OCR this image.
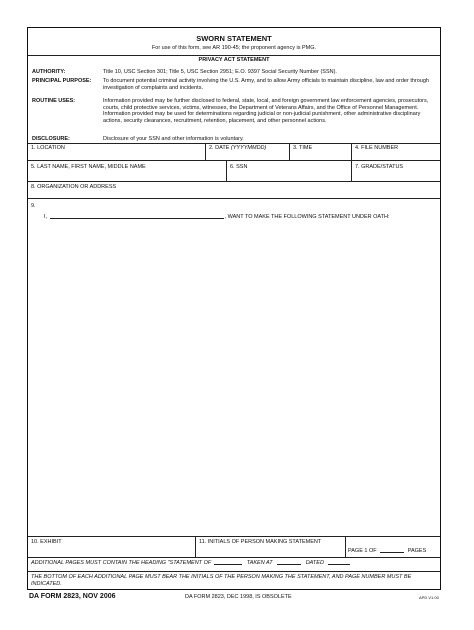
SWORN STATEMENT
For use of this form, see AR 190-45; the proponent agency is PMG.
PRIVACY ACT STATEMENT
AUTHORITY:	Title 10, USC Section 301; Title 5, USC Section 2951; E.O. 9397 Social Security Number (SSN).
PRINCIPAL PURPOSE: To document potential criminal activity involving the U.S. Army, and to allow Army officials to maintain discipline, law and order through investigation of complaints and incidents.
ROUTINE USES:	Information provided may be further disclosed to federal, state, local, and foreign government law enforcement agencies, prosecutors, courts, child protective services, victims, witnesses, the Department of Veterans Affairs, and the Office of Personnel Management. Information provided may be used for determinations regarding judicial or non-judicial punishment, other administrative disciplinary actions, security clearances, recruitment, retention, placement, and other personnel actions.
DISCLOSURE:	Disclosure of your SSN and other information is voluntary.
1. LOCATION	2. DATE (YYYYMMDD)	3. TIME	4. FILE NUMBER
5. LAST NAME, FIRST NAME, MIDDLE NAME	6. SSN	7. GRADE/STATUS
8. ORGANIZATION OR ADDRESS
9.
I,	, WANT TO MAKE THE FOLLOWING STATEMENT UNDER OATH:
10. EXHIBIT	11. INITIALS OF PERSON MAKING STATEMENT
PAGE 1 OF	PAGES
ADDITIONAL PAGES MUST CONTAIN THE HEADING "STATEMENT OF	TAKEN AT	DATED
THE BOTTOM OF EACH ADDITIONAL PAGE MUST BEAR THE INITIALS OF THE PERSON MAKING THE STATEMENT, AND PAGE NUMBER MUST BE INDICATED.
DA FORM 2823, NOV 2006	DA FORM 2823, DEC 1998, IS OBSOLETE	APD V1.00
